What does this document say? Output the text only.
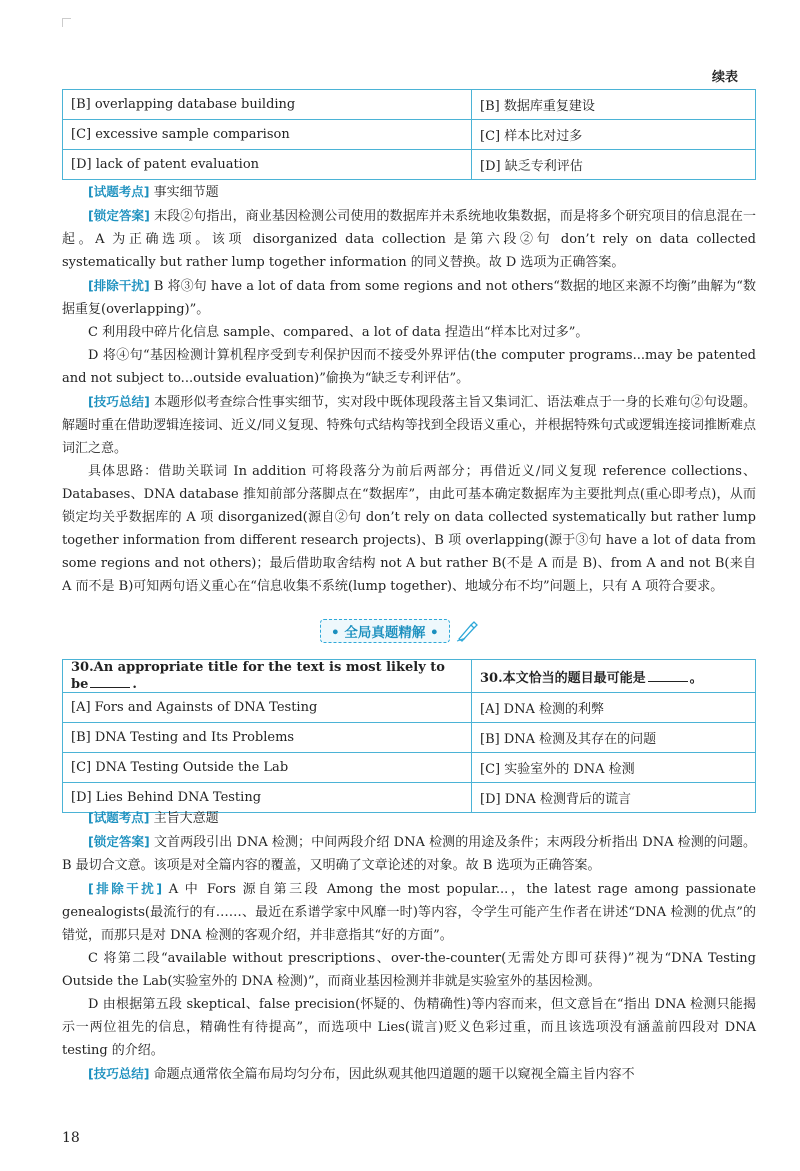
续表
[B] overlapping database building	[B] 数据库重复建设
[C] excessive sample comparison	[C] 样本比对过多
[D] lack of patent evaluation	[D] 缺乏专利评估

[试题考点] 事实细节题

[锁定答案] 末段②句指出，商业基因检测公司使用的数据库并未系统地收集数据，而是将多个研究项目的信息混在一起。A 为正确选项。该项 disorganized data collection 是第六段②句 don’t rely on data collected systematically but rather lump together information 的同义替换。故 D 选项为正确答案。

[排除干扰] B 将③句 have a lot of data from some regions and not others“数据的地区来源不均衡”曲解为“数据重复(overlapping)”。

C 利用段中碎片化信息 sample、compared、a lot of data 捏造出“样本比对过多”。

D 将④句“基因检测计算机程序受到专利保护因而不接受外界评估(the computer programs...may be patented and not subject to...outside evaluation)”偷换为“缺乏专利评估”。

[技巧总结] 本题形似考查综合性事实细节，实对段中既体现段落主旨又集词汇、语法难点于一身的长难句②句设题。解题时重在借助逻辑连接词、近义/同义复现、特殊句式结构等找到全段语义重心，并根据特殊句式或逻辑连接词推断难点词汇之意。

具体思路：借助关联词 In addition 可将段落分为前后两部分；再借近义/同义复现 reference collections、Databases、DNA database 推知前部分落脚点在“数据库”，由此可基本确定数据库为主要批判点(重心即考点)，从而锁定均关乎数据库的 A 项 disorganized(源自②句 don’t rely on data collected systematically but rather lump together information from different research projects)、B 项 overlapping(源于③句 have a lot of data from some regions and not others)；最后借助取舍结构 not A but rather B(不是 A 而是 B)、from A and not B(来自 A 而不是 B)可知两句语义重心在“信息收集不系统(lump together)、地域分布不均”问题上，只有 A 项符合要求。

• 全局真题精解 •
30.An appropriate title for the text is most likely to be .	30.本文恰当的题目最可能是 。
[A] Fors and Againsts of DNA Testing	[A] DNA 检测的利弊
[B] DNA Testing and Its Problems	[B] DNA 检测及其存在的问题
[C] DNA Testing Outside the Lab	[C] 实验室外的 DNA 检测
[D] Lies Behind DNA Testing	[D] DNA 检测背后的谎言

[试题考点] 主旨大意题

[锁定答案] 文首两段引出 DNA 检测；中间两段介绍 DNA 检测的用途及条件；末两段分析指出 DNA 检测的问题。B 最切合文意。该项是对全篇内容的覆盖，又明确了文章论述的对象。故 B 选项为正确答案。

[排除干扰] A 中 Fors 源自第三段 Among the most popular...，the latest rage among passionate genealogists(最流行的有……、最近在系谱学家中风靡一时)等内容，令学生可能产生作者在讲述“DNA 检测的优点”的错觉，而那只是对 DNA 检测的客观介绍，并非意指其“好的方面”。

C 将第二段“available without prescriptions、over-the-counter(无需处方即可获得)”视为“DNA Testing Outside the Lab(实验室外的 DNA 检测)”，而商业基因检测并非就是实验室外的基因检测。

D 由根据第五段 skeptical、false precision(怀疑的、伪精确性)等内容而来，但文意旨在“指出 DNA 检测只能揭示一两位祖先的信息，精确性有待提高”，而选项中 Lies(谎言)贬义色彩过重，而且该选项没有涵盖前四段对 DNA testing 的介绍。

[技巧总结] 命题点通常依全篇布局均匀分布，因此纵观其他四道题的题干以窥视全篇主旨内容不

18
